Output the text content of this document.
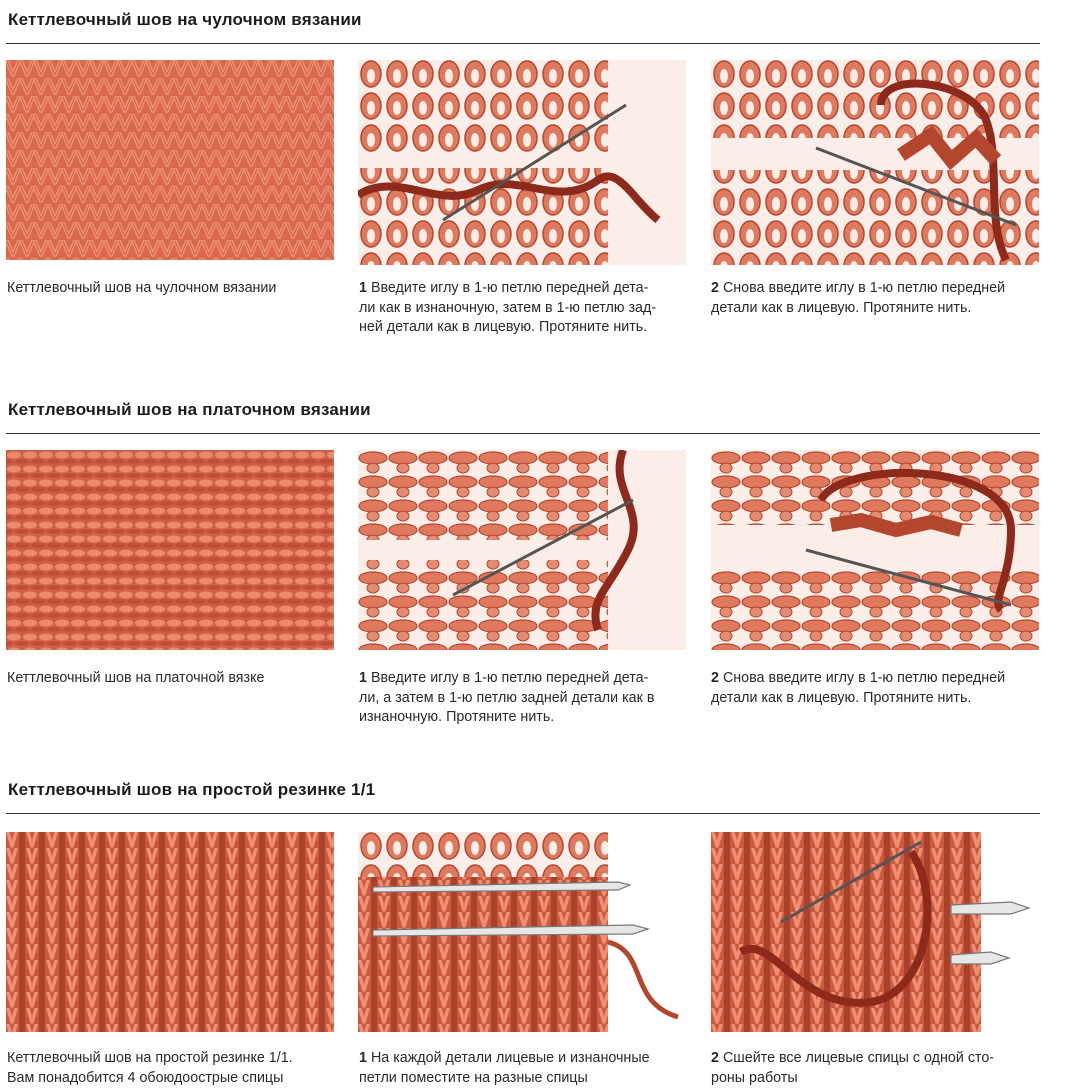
Кеттлевочный шов на чулочном вязании
Кеттлевочный шов на чулочном вязании	1 Введите иглу в 1-ю петлю передней дета-
ли как в изнаночную, затем в 1-ю петлю зад-
ней детали как в лицевую. Протяните нить.
2 Снова введите иглу в 1-ю петлю передней
детали как в лицевую. Протяните нить.
Кеттлевочный шов на платочном вязании
Кеттлевочный шов на платочной вязке	1 Введите иглу в 1-ю петлю передней дета-
ли, а затем в 1-ю петлю задней детали как в
изнаночную. Протяните нить.
2 Снова введите иглу в 1-ю петлю передней
детали как в лицевую. Протяните нить.
Кеттлевочный шов на простой резинке 1/1
Кеттлевочный шов на простой резинке 1/1.
Вам понадобится 4 обоюдоострые спицы
1 На каждой детали лицевые и изнаночные
петли поместите на разные спицы
2 Сшейте все лицевые спицы с одной сто-
роны работы
